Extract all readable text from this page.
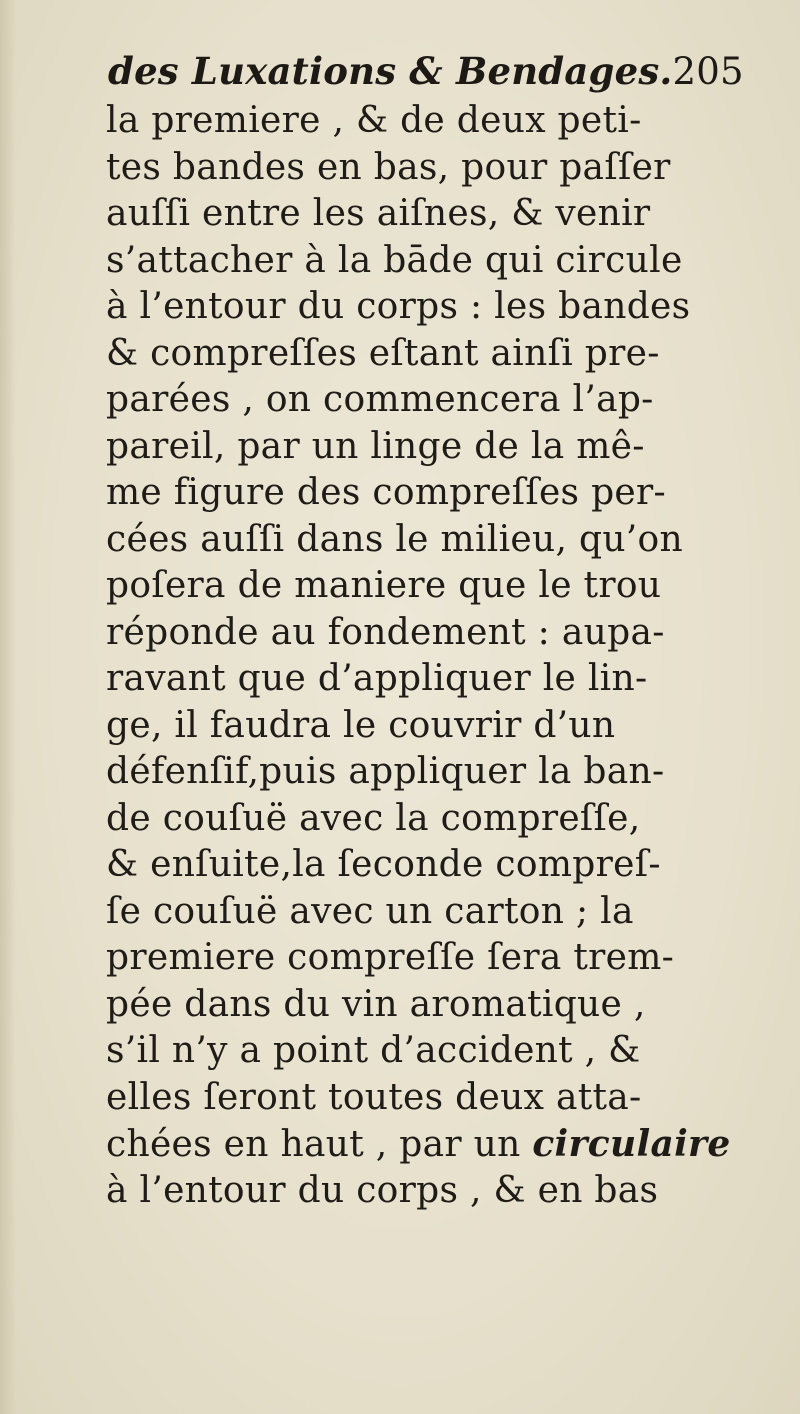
des Luxations & Bendages.205
la premiere , & de deux peti-
tes bandes en bas, pour paſſer
auſſi entre les aiſnes, & venir
s’attacher à la bāde qui circule
à l’entour du corps : les bandes
& compreſſes eſtant ainſi pre-
parées , on commencera l’ap-
pareil, par un linge de la mê-
me figure des compreſſes per-
cées auſſi dans le milieu, qu’on
poſera de maniere que le trou
réponde au fondement : aupa-
ravant que d’appliquer le lin-
ge, il faudra le couvrir d’un
défenſif,puis appliquer la ban-
de couſuë avec la compreſſe,
& enſuite,la ſeconde compreſ-
ſe couſuë avec un carton ; la
premiere compreſſe ſera trem-
pée dans du vin aromatique ,
s’il n’y a point d’accident , &
elles ſeront toutes deux atta-
chées en haut , par un circulaire
à l’entour du corps , & en bas
